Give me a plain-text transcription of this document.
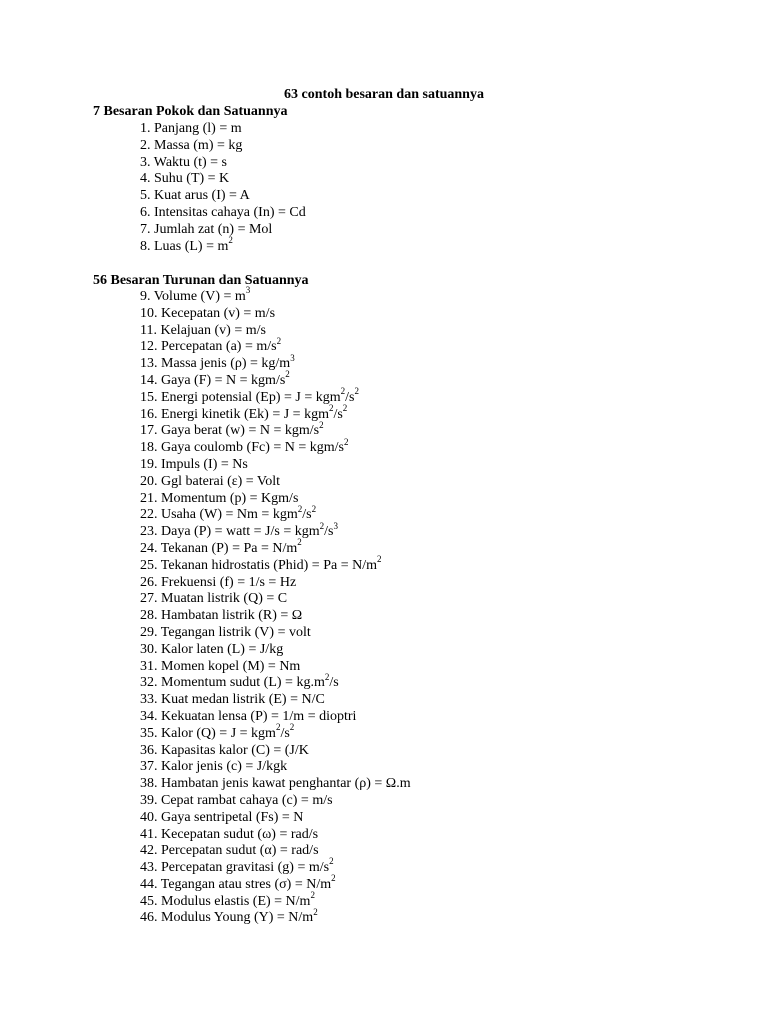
63 contoh besaran dan satuannya
7 Besaran Pokok dan Satuannya
1. Panjang (l) = m
2. Massa (m) = kg
3. Waktu (t) = s
4. Suhu (T) = K
5. Kuat arus (I) = A
6. Intensitas cahaya (In) = Cd
7. Jumlah zat (n) = Mol
8. Luas $(L) = m^2$
56 Besaran Turunan dan Satuannya
9. Volume $(V) = m^3$
10. Kecepatan (v) = m/s
11. Kelajuan (v) = m/s
12. Percepatan $(a) = m/s^2$
13. Massa jenis $(\rho) = kg/m^3$
14. Gaya (F) = N = kgm/$s^2$
15. Energi potensial $(Ep) = J = kgm^2/s^2$
16. Energi kinetik $(Ek) = J = kgm^2/s^2$
17. Gaya berat (w) = N = kgm/$s^2$
18. Gaya coulomb (Fc) = N = kgm/$s^2$
19. Impuls (I) = Ns
20. Ggl baterai (ε) = Volt
21. Momentum (p) = Kgm/s
22. Usaha $(W) = Nm = kgm^2/s^2$
23. Daya (P) = watt = $J/s = kgm^2/s^3$
24. Tekanan $(P) = Pa = N/m^2$
25. Tekanan hidrostatis (Phid) = $Pa = N/m^2$
26. Frekuensi (f) = 1/s = Hz
27. Muatan listrik (Q) = C
28. Hambatan listrik (R) = Ω
29. Tegangan listrik (V) = volt
30. Kalor laten (L) = J/kg
31. Momen kopel (M) = Nm
32. Momentum sudut $(L) = kg.m^2/s$
33. Kuat medan listrik (E) = N/C
34. Kekuatan lensa (P) = 1/m = dioptri
35. Kalor $(Q) = J = kgm^2/s^2$
36. Kapasitas kalor (C) = (J/K
37. Kalor jenis (c) = J/kgk
38. Hambatan jenis kawat penghantar (ρ) = Ω.m
39. Cepat rambat cahaya (c) = m/s
40. Gaya sentripetal (Fs) = N
41. Kecepatan sudut (ω) = rad/s
42. Percepatan sudut (α) = rad/s
43. Percepatan gravitasi $(g) = m/s^2$
44. Tegangan atau stres $(\sigma) = N/m^2$
45. Modulus elastis $(E) = N/m^2$
46. Modulus Young $(Y) = N/m^2$
